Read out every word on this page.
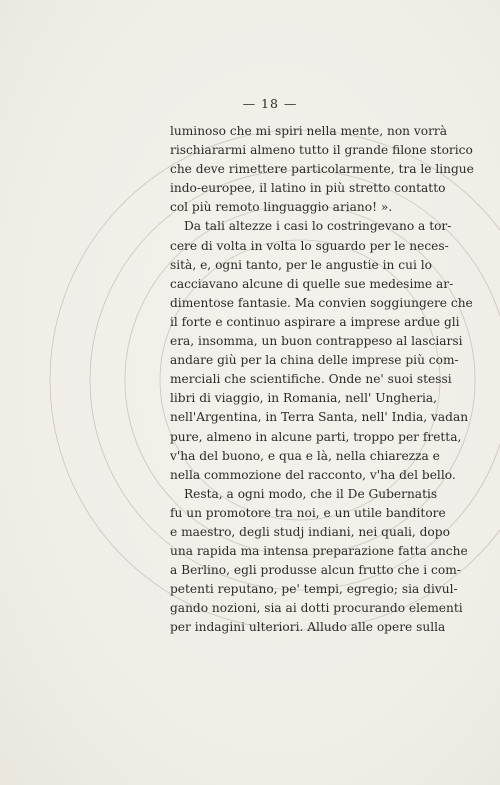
— 18 —
luminoso che mi spiri nella mente, non vorrà
rischiararmi almeno tutto il grande filone storico
che deve rimettere particolarmente, tra le lingue
indo-europee, il latino in più stretto contatto
col più remoto linguaggio ariano! ».
Da tali altezze i casi lo costringevano a tor-
cere di volta in volta lo sguardo per le neces-
sità, e, ogni tanto, per le angustie in cui lo
cacciavano alcune di quelle sue medesime ar-
dimentose fantasie. Ma convien soggiungere che
il forte e continuo aspirare a imprese ardue gli
era, insomma, un buon contrappeso al lasciarsi
andare giù per la china delle imprese più com-
merciali che scientifiche. Onde ne' suoi stessi
libri di viaggio, in Romania, nell' Ungheria,
nell'Argentina, in Terra Santa, nell' India, vadan
pure, almeno in alcune parti, troppo per fretta,
v'ha del buono, e qua e là, nella chiarezza e
nella commozione del racconto, v'ha del bello.
Resta, a ogni modo, che il De Gubernatis
fu un promotore tra noi, e un utile banditore
e maestro, degli studj indiani, nei quali, dopo
una rapida ma intensa preparazione fatta anche
a Berlino, egli produsse alcun frutto che i com-
petenti reputano, pe' tempi, egregio; sia divul-
gando nozioni, sia ai dotti procurando elementi
per indagini ulteriori. Alludo alle opere sulla
